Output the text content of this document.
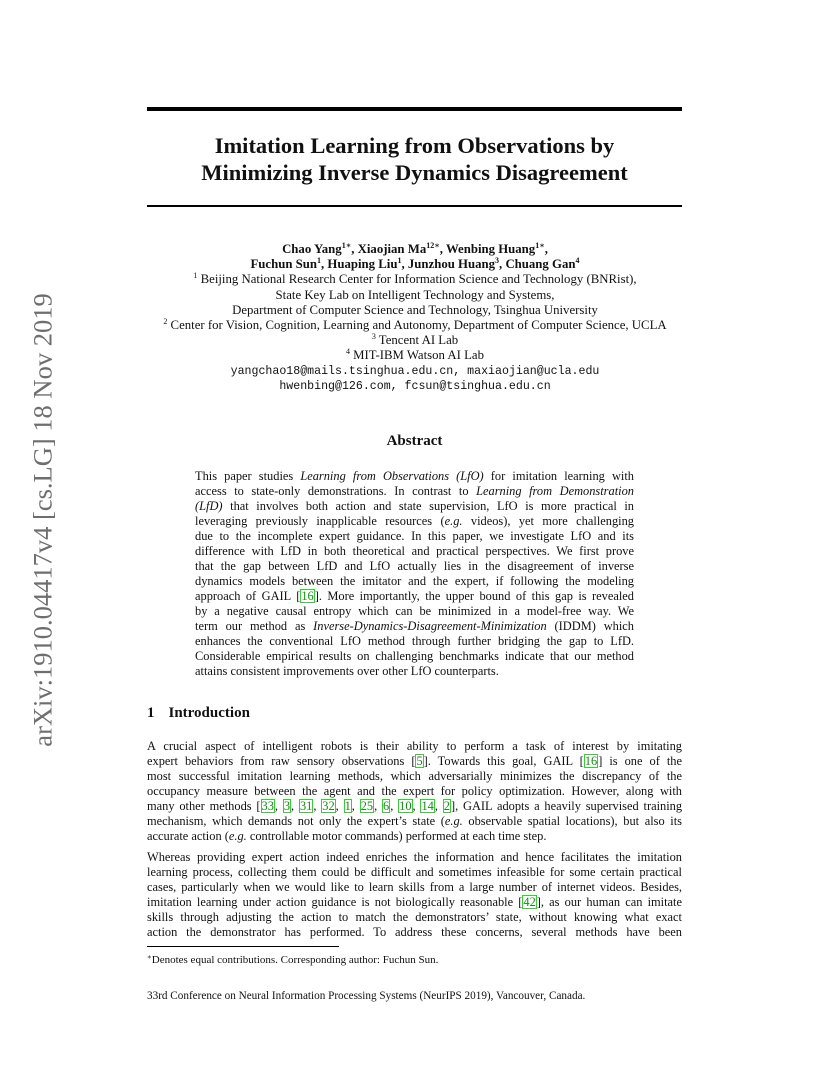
arXiv:1910.04417v4 [cs.LG] 18 Nov 2019
Imitation Learning from Observations by
Minimizing Inverse Dynamics Disagreement
Chao Yang$^{1∗}$, Xiaojian $Ma^{12∗}$, Wenbing Huang$^{1∗}$,
Fuchun Sun$^1$, Huaping Liu$^1$, Junzhou Huang$^3$, Chuang Gan$^4$
$^1$ Beijing National Research Center for Information Science and Technology (BNRist),
State Key Lab on Intelligent Technology and Systems,
Department of Computer Science and Technology, Tsinghua University
$^2$ Center for Vision, Cognition, Learning and Autonomy, Department of Computer Science, UCLA
$^3$ Tencent AI Lab
$^4$ MIT-IBM Watson AI Lab
yangchao18@mails.tsinghua.edu.cn, maxiaojian@ucla.edu
hwenbing@126.com, fcsun@tsinghua.edu.cn
Abstract
This paper studies Learning from Observations (LfO) for imitation learning with
access to state-only demonstrations. In contrast to Learning from Demonstration
(LfD) that involves both action and state supervision, LfO is more practical in
leveraging previously inapplicable resources (e.g. videos), yet more challenging
due to the incomplete expert guidance. In this paper, we investigate LfO and its
difference with LfD in both theoretical and practical perspectives. We first prove
that the gap between LfD and LfO actually lies in the disagreement of inverse
dynamics models between the imitator and the expert, if following the modeling
approach of GAIL [16]. More importantly, the upper bound of this gap is revealed
by a negative causal entropy which can be minimized in a model-free way. We
term our method as Inverse-Dynamics-Disagreement-Minimization (IDDM) which
enhances the conventional LfO method through further bridging the gap to LfD.
Considerable empirical results on challenging benchmarks indicate that our method
attains consistent improvements over other LfO counterparts.
1 Introduction
A crucial aspect of intelligent robots is their ability to perform a task of interest by imitating
expert behaviors from raw sensory observations [5]. Towards this goal, GAIL [16] is one of the
most successful imitation learning methods, which adversarially minimizes the discrepancy of the
occupancy measure between the agent and the expert for policy optimization. However, along with
many other methods [33, 3, 31, 32, 1, 25, 6, 10, 14, 2], GAIL adopts a heavily supervised training
mechanism, which demands not only the expert’s state (e.g. observable spatial locations), but also its
accurate action (e.g. controllable motor commands) performed at each time step.
Whereas providing expert action indeed enriches the information and hence facilitates the imitation
learning process, collecting them could be difficult and sometimes infeasible for some certain practical
cases, particularly when we would like to learn skills from a large number of internet videos. Besides,
imitation learning under action guidance is not biologically reasonable [42], as our human can imitate
skills through adjusting the action to match the demonstrators’ state, without knowing what exact
action the demonstrator has performed. To address these concerns, several methods have been
∗Denotes equal contributions. Corresponding author: Fuchun Sun.
33rd Conference on Neural Information Processing Systems (NeurIPS 2019), Vancouver, Canada.
